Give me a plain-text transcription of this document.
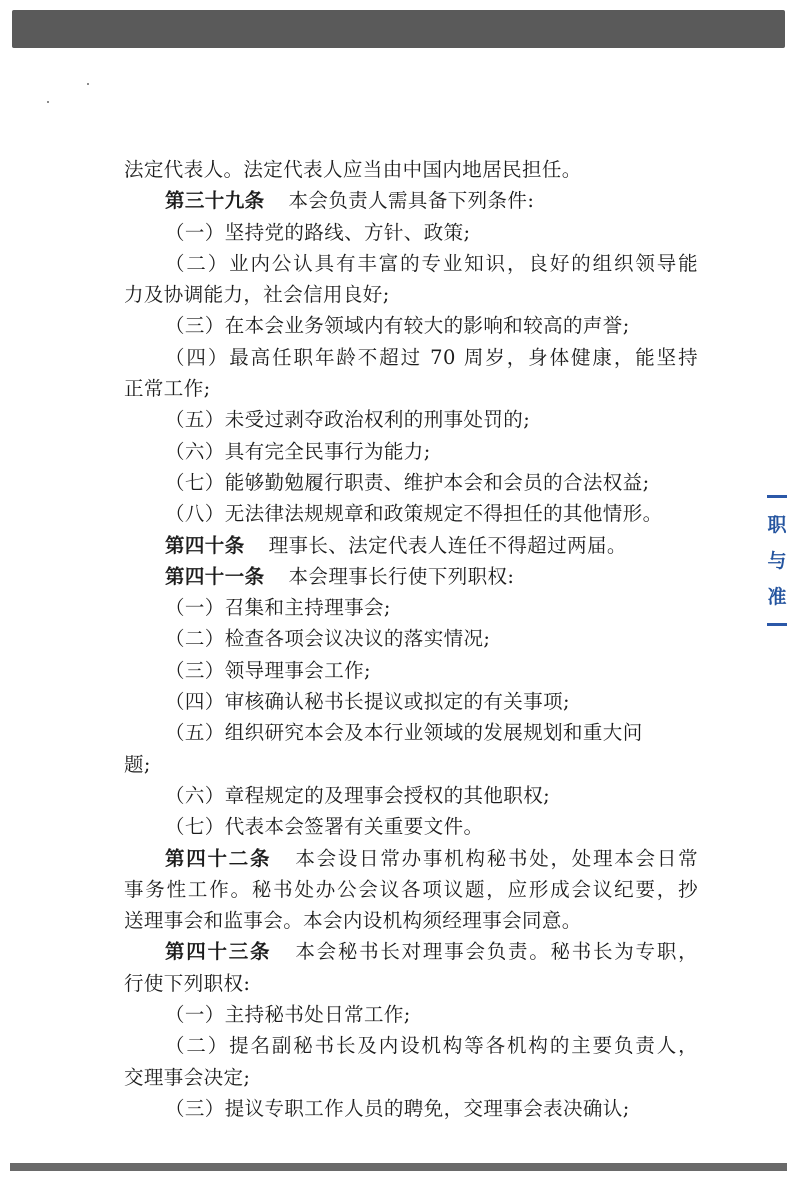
法定代表人。法定代表人应当由中国内地居民担任。
第三十九条 本会负责人需具备下列条件:
（一）坚持党的路线、方针、政策;
（二）业内公认具有丰富的专业知识，良好的组织领导能
力及协调能力，社会信用良好;
（三）在本会业务领域内有较大的影响和较高的声誉;
（四）最高任职年龄不超过 70 周岁，身体健康，能坚持
正常工作;
（五）未受过剥夺政治权利的刑事处罚的;
（六）具有完全民事行为能力;
（七）能够勤勉履行职责、维护本会和会员的合法权益;
（八）无法律法规规章和政策规定不得担任的其他情形。
第四十条 理事长、法定代表人连任不得超过两届。
第四十一条 本会理事长行使下列职权:
（一）召集和主持理事会;
（二）检查各项会议决议的落实情况;
（三）领导理事会工作;
（四）审核确认秘书长提议或拟定的有关事项;
（五）组织研究本会及本行业领域的发展规划和重大问
题;
（六）章程规定的及理事会授权的其他职权;
（七）代表本会签署有关重要文件。
第四十二条 本会设日常办事机构秘书处，处理本会日常
事务性工作。秘书处办公会议各项议题，应形成会议纪要，抄
送理事会和监事会。本会内设机构须经理事会同意。
第四十三条 本会秘书长对理事会负责。秘书长为专职，
行使下列职权:
（一）主持秘书处日常工作;
（二）提名副秘书长及内设机构等各机构的主要负责人，
交理事会决定;
（三）提议专职工作人员的聘免，交理事会表决确认;
职
与
准
